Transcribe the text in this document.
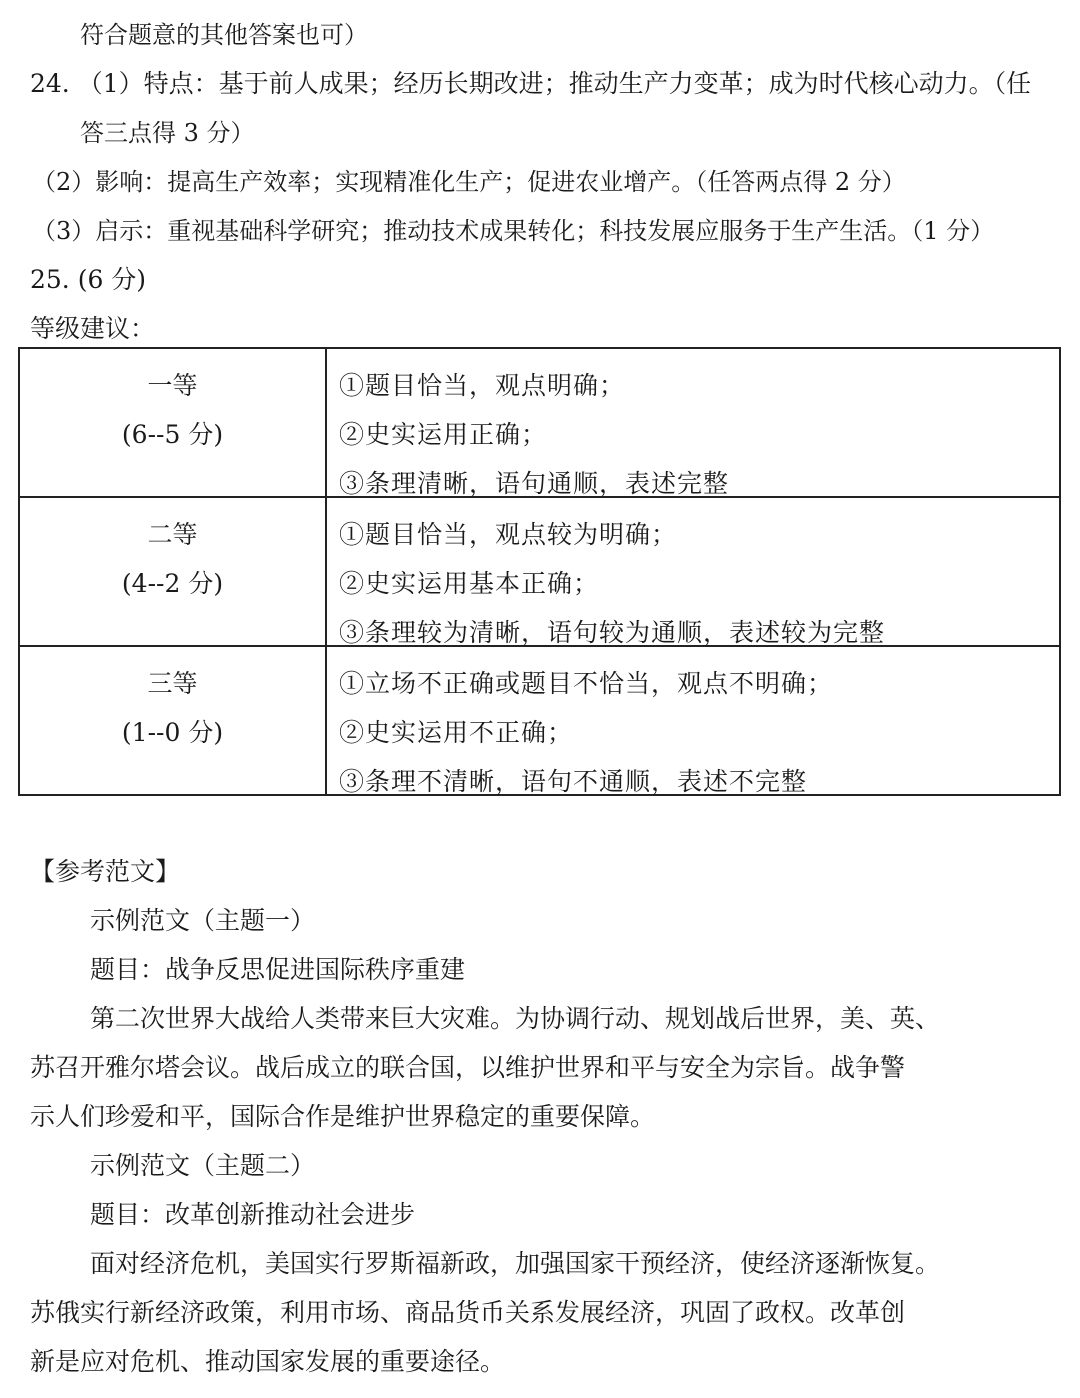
符合题意的其他答案也可）
24. （1）特点：基于前人成果；经历长期改进；推动生产力变革；成为时代核心动力。（任
答三点得 3 分）
（2）影响：提高生产效率；实现精准化生产；促进农业增产。（任答两点得 2 分）
（3）启示：重视基础科学研究；推动技术成果转化；科技发展应服务于生产生活。（1 分）
25. (6 分)
等级建议：
一等
(6--5 分)	①题目恰当，观点明确；
②史实运用正确；
③条理清晰，语句通顺，表述完整

二等
(4--2 分)	①题目恰当，观点较为明确；
②史实运用基本正确；
③条理较为清晰，语句较为通顺，表述较为完整

三等
(1--0 分)	①立场不正确或题目不恰当，观点不明确；
②史实运用不正确；
③条理不清晰，语句不通顺，表述不完整
【参考范文】
示例范文（主题一）
题目：战争反思促进国际秩序重建
第二次世界大战给人类带来巨大灾难。为协调行动、规划战后世界，美、英、
苏召开雅尔塔会议。战后成立的联合国，以维护世界和平与安全为宗旨。战争警
示人们珍爱和平，国际合作是维护世界稳定的重要保障。
示例范文（主题二）
题目：改革创新推动社会进步
面对经济危机，美国实行罗斯福新政，加强国家干预经济，使经济逐渐恢复。
苏俄实行新经济政策，利用市场、商品货币关系发展经济，巩固了政权。改革创
新是应对危机、推动国家发展的重要途径。
